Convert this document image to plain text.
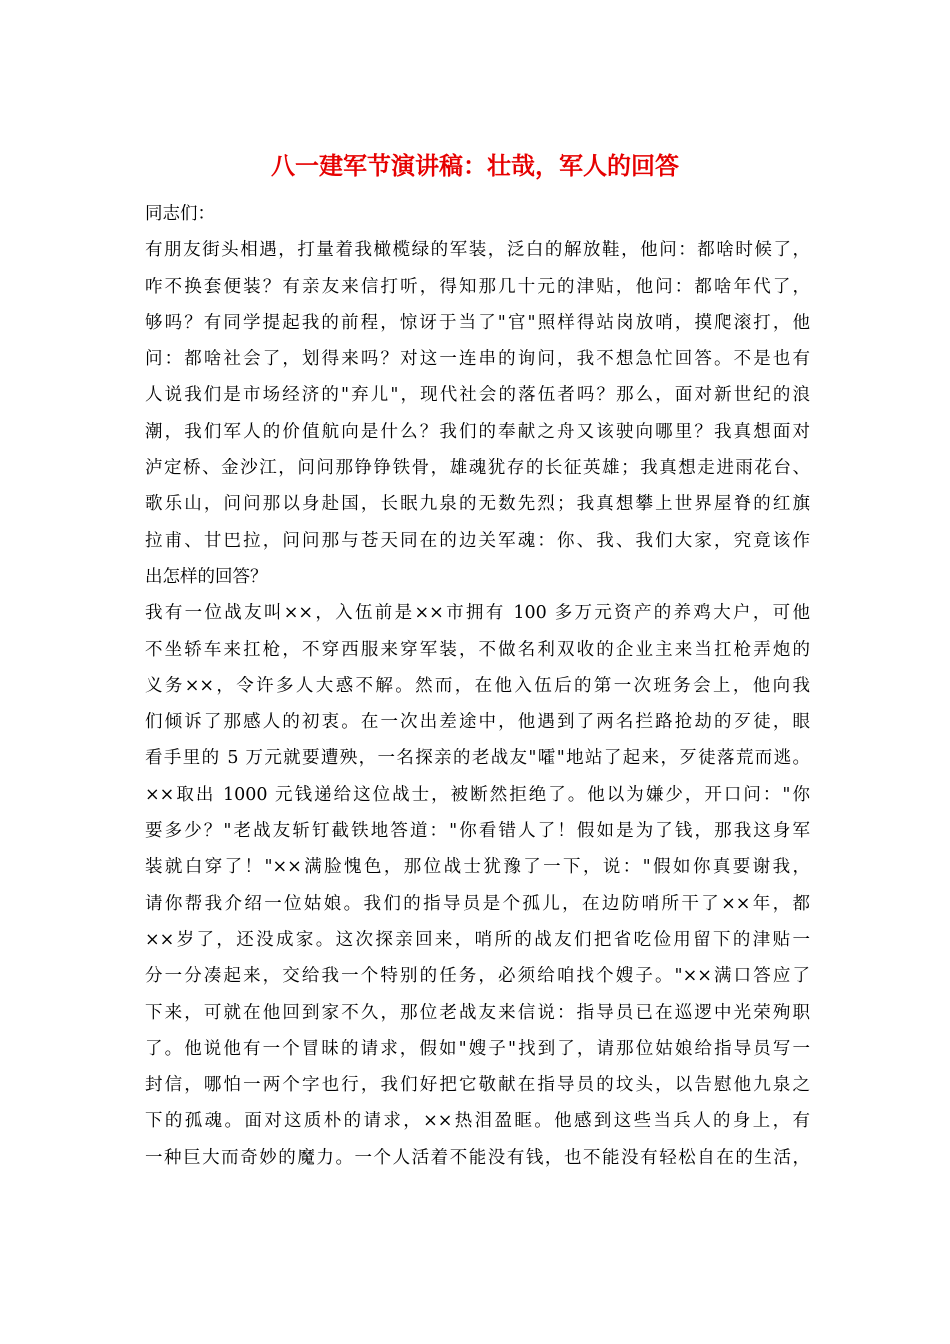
八一建军节演讲稿：壮哉，军人的回答
同志们：
有朋友街头相遇，打量着我橄榄绿的军装，泛白的解放鞋，他问：都啥时候了，
咋不换套便装？有亲友来信打听，得知那几十元的津贴，他问：都啥年代了，
够吗？有同学提起我的前程，惊讶于当了"官"照样得站岗放哨，摸爬滚打，他
问：都啥社会了，划得来吗？对这一连串的询问，我不想急忙回答。不是也有
人说我们是市场经济的"弃儿"，现代社会的落伍者吗？那么，面对新世纪的浪
潮，我们军人的价值航向是什么？我们的奉献之舟又该驶向哪里？我真想面对
泸定桥、金沙江，问问那铮铮铁骨，雄魂犹存的长征英雄；我真想走进雨花台、
歌乐山，问问那以身赴国，长眠九泉的无数先烈；我真想攀上世界屋脊的红旗
拉甫、甘巴拉，问问那与苍天同在的边关军魂：你、我、我们大家，究竟该作
出怎样的回答？
我有一位战友叫××，入伍前是××市拥有 100 多万元资产的养鸡大户，可他
不坐轿车来扛枪，不穿西服来穿军装，不做名利双收的企业主来当扛枪弄炮的
义务××，令许多人大惑不解。然而，在他入伍后的第一次班务会上，他向我
们倾诉了那感人的初衷。在一次出差途中，他遇到了两名拦路抢劫的歹徒，眼
看手里的 5 万元就要遭殃，一名探亲的老战友"嚯"地站了起来，歹徒落荒而逃。
××取出 1000 元钱递给这位战士，被断然拒绝了。他以为嫌少，开口问："你
要多少？"老战友斩钉截铁地答道："你看错人了！假如是为了钱，那我这身军
装就白穿了！"××满脸愧色，那位战士犹豫了一下，说："假如你真要谢我，
请你帮我介绍一位姑娘。我们的指导员是个孤儿，在边防哨所干了××年，都
××岁了，还没成家。这次探亲回来，哨所的战友们把省吃俭用留下的津贴一
分一分凑起来，交给我一个特别的任务，必须给咱找个嫂子。"××满口答应了
下来，可就在他回到家不久，那位老战友来信说：指导员已在巡逻中光荣殉职
了。他说他有一个冒昧的请求，假如"嫂子"找到了，请那位姑娘给指导员写一
封信，哪怕一两个字也行，我们好把它敬献在指导员的坟头，以告慰他九泉之
下的孤魂。面对这质朴的请求，××热泪盈眶。他感到这些当兵人的身上，有
一种巨大而奇妙的魔力。一个人活着不能没有钱，也不能没有轻松自在的生活，
